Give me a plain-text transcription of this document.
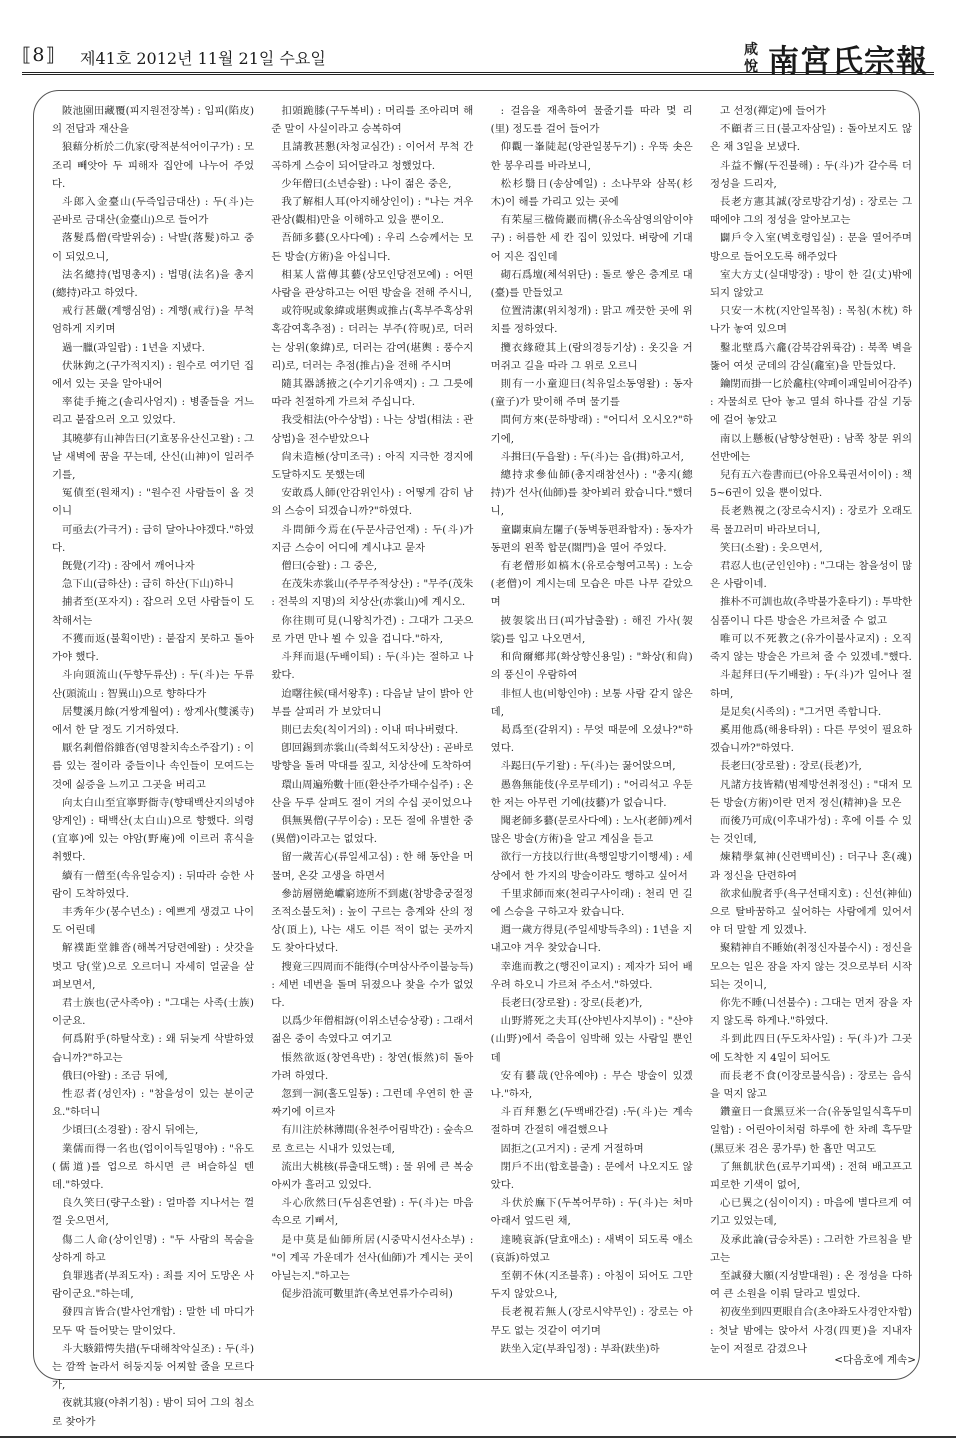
⟦8⟧ 제41호 2012년 11월 21일 수요일	咸
悅 南宮氏宗報

陂池園田藏覆(피지원전장복) : 입피(陷皮)의 전답과 재산을

狼藉分析於二仇家(랑적분석어이구가) : 모조리 빼앗아 두 피해자 집안에 나누어 주었다.

斗郎入金臺山(두즉입금대산) : 두(斗)는 곧바로 금대산(金臺山)으로 들어가

落髮爲僧(락발위승) : 낙발(落髮)하고 중이 되었으니,

法名總持(법명총지) : 법명(法名)을 총지(總持)라고 하였다.

戒行甚嚴(계행심엄) : 계행(戒行)을 무척 엄하게 지키며

過一臘(과일랍) : 1년을 지냈다.

伏牀鉤之(구가적지지) : 원수로 여기던 집에서 있는 곳을 알아내어

率徒手掩之(솔리사엄지) : 병졸들을 거느리고 붙잡으러 오고 있었다.

其曉夢有山神告曰(기효몽유산신고왈) : 그날 새벽에 꿈을 꾸는데, 산신(山神)이 일러주기를,

冤債至(원채지) : "원수진 사람들이 올 것이니

可亟去(가극거) : 급히 달아나야겠다."하였다.

旣覺(기각) : 잠에서 깨어나자

急下山(급하산) : 급히 하산(下山)하니

捕者至(포자지) : 잡으러 오던 사람들이 도착해서는

不獲而返(불획이반) : 붙잡지 못하고 돌아가야 했다.

斗向頭流山(두향두류산) : 두(斗)는 두류산(頭流山 : 智異山)으로 향하다가

居雙溪月餘(거쌍계월여) : 쌍계사(雙溪寺)에서 한 달 정도 기거하였다.

厭名剎僧俗雜沓(염명찰치속소주잡기) : 이름 있는 절이라 중들이나 속인들이 모여드는 것에 싫증을 느끼고 그곳을 버리고

向太白山至宜寧野衙寺(향태백산지의녕야양계인) : 태백산(太白山)으로 향했다. 의령(宜寧)에 있는 야암(野庵)에 이르러 휴식을 취했다.

續有一僧至(속유일승지) : 뒤따라 승한 사람이 도착하였다.

丰秀年少(봉수년소) : 예쁘게 생겼고 나이도 어린데

解襆距堂雜沓(해복거당련예왈) : 삿갓을 벗고 당(堂)으로 오르더니 자세히 얼굴을 살펴보면서,

君士族也(군사족야) : "그대는 사족(士族)이군요.

何爲附乎(하탈삭호) : 왜 뒤늦게 삭발하였습니까?"하고는

俄曰(아왈) : 조금 뒤에,

性忍者(성인자) : "참을성이 있는 분이군요."하더니

少頃曰(소경왈) : 잠시 뒤에는,

業儒而得一名也(업이이득일명야) : "유도(儒道)를 업으로 하시면 큰 벼슬하실 텐데."하였다.

良久笑曰(량구소왈) : 얼마쯤 지나서는 껄껄 웃으면서,

傷二人命(상이인명) : "두 사람의 목숨을 상하게 하고

負罪逃者(부죄도자) : 죄를 지어 도망온 사람이군요."하는데,

發四言皆合(발사언개합) : 말한 네 마디가 모두 딱 들어맞는 말이었다.

斗大駭錯愕失措(두대해착악실조) : 두(斗)는 깜짝 놀라서 허둥지둥 어찌할 줄을 모르다가,

夜就其寢(야취기침) : 밤이 되어 그의 침소로 찾아가

扣頭跪膝(구두복비) : 머리를 조아리며 해준 말이 사실이라고 승복하여

且請教甚懇(차청교심간) : 이어서 무척 간곡하게 스승이 되어달라고 청했었다.

少年僧曰(소년승왈) : 나이 젊은 중은,

我了解相人耳(아지해상인이) : "나는 겨우 관상(觀相)만을 이해하고 있을 뿐이오.

吾師多藝(오사다예) : 우리 스승께서는 모든 방술(方術)을 아십니다.

相某人當傳其藝(상모인당전모예) : 어떤 사람을 관상하고는 어떤 방술을 전해 주시니,

或符呪或象緯或堪輿或推占(혹부주혹상위혹감여혹추점) : 더러는 부주(符呪)로, 더러는 상위(象緯)로, 더러는 감여(堪輿 : 풍수지리)로, 더러는 추점(推占)을 전해 주시며

隨其器誘掖之(수기기유액지) : 그 그릇에 따라 친절하게 가르쳐 주십니다.

我受相法(아수상법) : 나는 상법(相法 : 관상법)을 전수받았으나

尙未造極(상미조극) : 아직 지극한 경지에 도달하지도 못했는데

安敢爲人師(안감위인사) : 어떻게 감히 남의 스승이 되겠습니까?"하였다.

斗問師今焉在(두문사금언재) : 두(斗)가 지금 스승이 어디에 계시냐고 묻자

僧曰(승왈) : 그 중은,

在茂朱赤裳山(주무주적상산) : "무주(茂朱 : 전북의 지명)의 치상산(赤裳山)에 계시오.

你往則可見(니왕칙가견) : 그대가 그곳으로 가면 만나 뵐 수 있을 겁니다."하자,

斗拜而退(두배이퇴) : 두(斗)는 절하고 나왔다.

迨曙往候(태서왕후) : 다음날 날이 밝아 안부를 살피러 가 보았더니

則已去矣(칙이거의) : 이내 떠나버렸다.

卽回錫到赤裳山(즉회석도치상산) : 곧바로 방향을 돌려 막대를 짚고, 치상산에 도착하여

環山周遍殆數十匝(환산주가태수십주) : 온 산을 두루 살펴도 절이 거의 수십 곳이었으나

俱無異僧(구무이승) : 모든 절에 유별한 중(異僧)이라고는 없었다.

留一歲苦心(류일세고심) : 한 해 동안을 머물며, 온갖 고생을 하면서

參訪層巒絶巘窮迹所不到處(참방층궁절정조적소불도처) : 높이 구르는 층계와 산의 정상(頂上), 나는 새도 이른 적이 없는 곳까지도 찾아다녔다.

搜竟三四周而不能得(수며삼사주이불능득) : 세번 네번을 돌며 뒤졌으나 찾을 수가 없었다.

以爲少年僧相訝(이위소년승상광) : 그래서 젊은 중이 속였다고 여기고

悵然欲返(창연욕반) : 창연(悵然)히 돌아가려 하였다.

忽到一洞(홀도일동) : 그런데 우연히 한 골짜기에 이르자

有川注於林薄間(유천주어림박간) : 숲속으로 흐르는 시내가 있었는데,

流出大桃核(류출대도핵) : 물 위에 큰 복숭아씨가 흘러고 있었다.

斗心欣然曰(두심흔연왈) : 두(斗)는 마음 속으로 기뻐서,

是中莫是仙師所居(시중막시선사소부) : "이 계곡 가운데가 선사(仙師)가 계시는 곳이 아닐는지."하고는

促步沿流可數里許(촉보연류가수리허)

: 걸음을 재촉하여 물줄기를 따라 몇 리(里) 정도를 걸어 들어가

仰觀一峯陡起(앙관일봉두기) : 우뚝 솟은 한 봉우리를 바라보니,

松杉翳日(송삼예일) : 소나무와 삼목(杉木)이 해를 가리고 있는 곳에

有茱屋三楹倚巖而構(유소옥삼영의암이야구) : 허름한 세 칸 집이 있었다. 벼랑에 기대어 지은 집인데

砌石爲壇(체석위단) : 돌로 쌓은 층계로 대(臺)를 만들었고

位置淸潔(위치청개) : 맑고 깨끗한 곳에 위치를 정하였다.

攬衣緣磴其上(람의경등기상) : 옷깃을 거머쥐고 길을 따라 그 위로 오르니

則有一小童迎曰(칙유일소동영왈) : 동자(童子)가 맞이해 주며 물기를

問何方來(문하방래) : "어디서 오시오?"하기에,

斗揖曰(두읍왈) : 두(斗)는 읍(揖)하고서,

總持求參仙師(총지래참선사) : "총지(總持)가 선사(仙師)를 찾아뵈러 왔습니다."했더니,

童闢東扃左闥子(동벽동편좌합자) : 동자가 동편의 왼쪽 합문(閤門)을 열어 주었다.

有老僧形如槁木(유로승형여고목) : 노승(老僧)이 계시는데 모습은 마른 나무 같았으며

披袈裟出曰(피가납출왈) : 해진 가사(袈裟)를 입고 나오면서,

和尙爾鄕邦(화상향신용일) : "화상(和尙)의 풍신이 우람하여

非恒人也(비항인야) : 보통 사람 같지 않은데,

曷爲至(갈위지) : 무엇 때문에 오셨나?"하였다.

斗跽曰(두기왈) : 두(斗)는 꿇어앉으며,

愚魯無能伎(우로무테기) : "어리석고 우둔한 저는 아무런 기예(技藝)가 없습니다.

聞老師多藝(문로사다예) : 노사(老師)께서 많은 방술(方術)을 알고 계심을 듣고

欲行一方技以行世(욕행일방기이행세) : 세상에서 한 가지의 방술이라도 행하고 싶어서

千里求師而來(천리구사이래) : 천리 먼 길에 스승을 구하고자 왔습니다.

週一歲方得見(주일세방득추의) : 1년을 지내고야 겨우 찾았습니다.

幸進而教之(행진이교지) : 제자가 되어 배우려 하오니 가르쳐 주소서."하였다.

長老曰(장로왈) : 장로(長老)가,

山野將死之夫耳(산야빈사지부이) : "산야(山野)에서 죽음이 임박해 있는 사람일 뿐인데

安有藝哉(안유예야) : 무슨 방술이 있겠나."하자,

斗百拜懇乞(두백배간걸) :두(斗)는 계속 절하며 간절히 애걸했으나

固拒之(고거지) : 굳게 거절하며

閉戶不出(합호불출) : 문에서 나오지도 않았다.

斗伏於廡下(두복어무하) : 두(斗)는 처마 아래서 엎드린 채,

達曉哀訴(달효애소) : 새벽이 되도록 애소(哀訴)하였고

至朝不休(지조불휴) : 아침이 되어도 그만두지 않았으나,

長老視若無人(장로시약무인) : 장로는 아무도 없는 것같이 여기며

趺坐入定(부좌입정) : 부좌(趺坐)하

고 선정(禪定)에 들어가

不顧者三日(불고자삼일) : 돌아보지도 않은 채 3일을 보냈다.

斗益不懈(두진불해) : 두(斗)가 갈수록 더 정성을 드리자,

長老方憲其誠(장로방감기성) : 장로는 그때에야 그의 정성을 알아보고는

闢戶令入室(벽호령입실) : 문을 열어주며 방으로 들어오도록 해주었다

室大方丈(실대방장) : 방이 한 길(丈)밖에 되지 않았고

只安一木枕(지안일목침) : 목침(木枕) 하나가 놓여 있으며

鑿北壁爲六龕(감북감위륙감) : 북쪽 벽을 뚫어 여섯 군데의 감실(龕室)을 만들었다.

鑰閉而掛一匕於龕柱(약폐이괘일비어감주) : 자물쇠로 단아 놓고 열쇠 하나를 감실 기둥에 걸어 놓았고

南以上懸板(남향상현판) : 남쪽 창문 위의 선반에는

兒有五六卷書而已(아유오륙권서이이) : 책 5~6권이 있을 뿐이었다.

長老熟視之(장로숙시지) : 장로가 오래도록 물끄러미 바라보더니,

笑曰(소왈) : 웃으면서,

君忍人也(군인인야) : "그대는 참을성이 많은 사람이네.

推朴不可訓也故(추박불가훈타기) : 투박한 심품이니 다른 방술은 가르쳐줄 수 없고

唯可以不死教之(유가이불사교지) : 오직 죽지 않는 방술은 가르쳐 줄 수 있겠네."했다.

斗起拜曰(두기배왈) : 두(斗)가 일어나 절하며,

是足矣(시족의) : "그거면 족합니다.

奚用他爲(해용타위) : 다른 무엇이 필요하겠습니까?"하였다.

長老曰(장로왈) : 장로(長老)가,

凡諸方技皆精(범제방선취정신) : "대저 모든 방술(方術)이란 먼저 정신(精神)을 모은

而後乃可成(이후내가성) : 후에 이를 수 있는 것인데,

煉精學氣神(신련백비신) : 더구나 혼(魂)과 정신을 단련하여

欲求仙脫者乎(욕구선태지호) : 신선(神仙)으로 탈바꿈하고 싶어하는 사람에게 있어서야 더 말할 게 있겠나.

聚精神自不睡始(취정신자불수시) : 정신을 모으는 일은 잠을 자지 않는 것으로부터 시작되는 것이니,

你先不睡(니선불수) : 그대는 먼저 잠을 자지 않도록 하게나."하였다.

斗到此四日(두도차사일) : 두(斗)가 그곳에 도착한 지 4일이 되어도

而長老不食(이장로불식음) : 장로는 음식을 먹지 않고

鑽童日一食黑豆米一合(유동일일식흑두미일합) : 어린아이처럼 하루에 한 차례 흑두말(黑豆米 검은 콩가루) 한 홉만 먹고도

了無飢狀色(료무기피색) : 전혀 배고프고 피로한 기색이 없어,

心已異之(심이이지) : 마음에 별다르게 여기고 있었는데,

及承此論(급승차론) : 그러한 가르침을 받고는

至誠發大願(지성발대원) : 온 정성을 다하여 큰 소원을 이뤄 달라고 빌었다.

初夜坐到四更眼自合(초야좌도사경안자합) : 첫날 밤에는 앉아서 사경(四更)을 지내자 눈이 저절로 감겼으나

<다음호에 계속>
